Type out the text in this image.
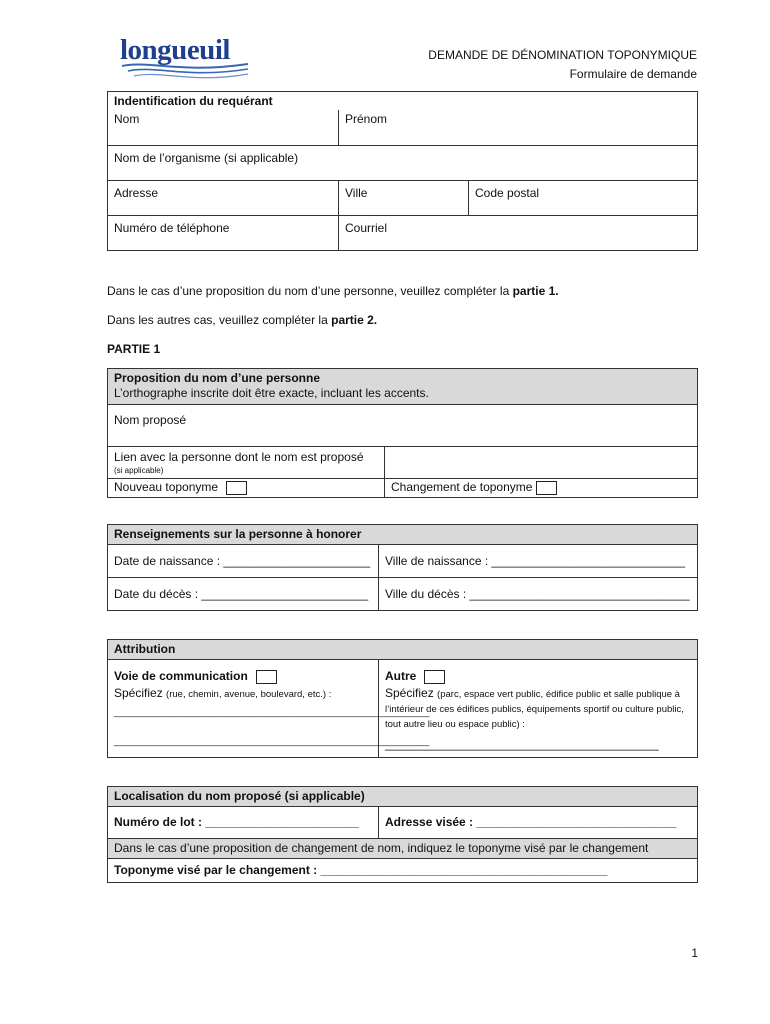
longueuil	DEMANDE DE DÉNOMINATION TOPONYMIQUE
Formulaire de demande
Indentification du requérant		
Nom	Prénom	
Nom de l’organisme (si applicable)		
Adresse	Ville	Code postal
Numéro de téléphone	Courriel	
Dans le cas d’une proposition du nom d’une personne, veuillez compléter la partie 1.
Dans les autres cas, veuillez compléter la partie 2.
PARTIE 1
Proposition du nom d’une personne
L’orthographe inscrite doit être exacte, incluant les accents.	

Nom proposé	

Lien avec la personne dont le nom est proposé
(si applicable)	

Nouveau toponyme	Changement de toponyme
Renseignements sur la personne à honorer	
Date de naissance : ______________________	Ville de naissance : _____________________________
Date du décès : _________________________	Ville du décès : _________________________________
Attribution

Voie de communication
Spécifiez (rue, chemin, avenue, boulevard, etc.) :
_______________________________________________________________
_______________________________________________________________

Autre
Spécifiez (parc, espace vert public, édifice public et salle publique à l’intérieur de ces édifices publics, équipements sportif ou culture public, tout autre lieu ou espace public) :
_________________________________________
Localisation du nom proposé (si applicable)
Numéro de lot : _______________________	Adresse visée : ______________________________
Dans le cas d’une proposition de changement de nom, indiquez le toponyme visé par le changement
Toponyme visé par le changement : ___________________________________________
1
